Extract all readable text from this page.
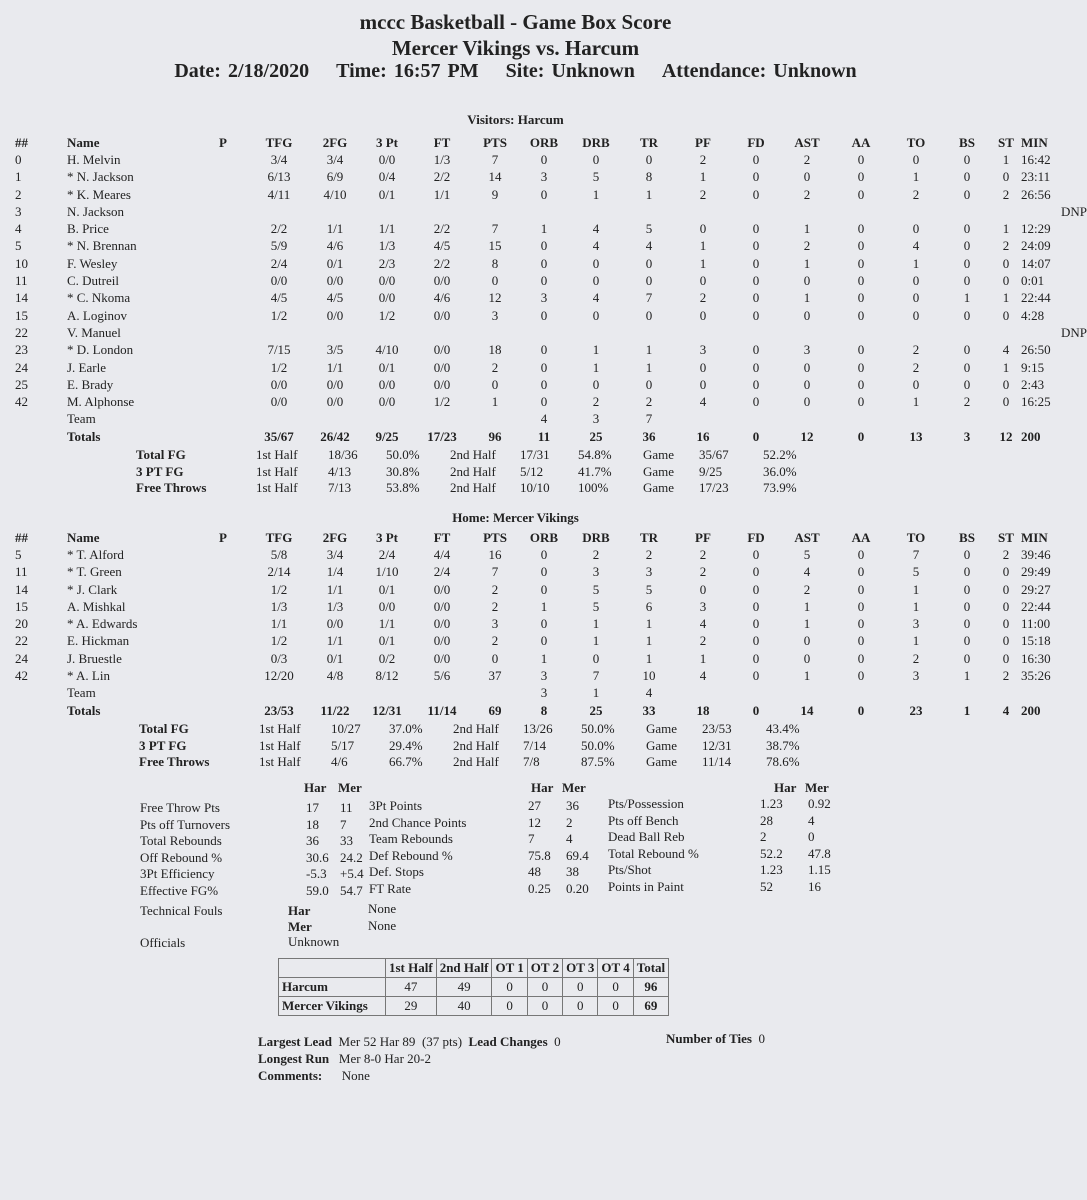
mccc Basketball - Game Box Score
Mercer Vikings vs. Harcum
Date: 2/18/2020 Time: 16:57 PM Site: Unknown Attendance: Unknown
Visitors: Harcum
##	Name	P	TFG	2FG	3 Pt	FT	PTS	ORB	DRB	TR	PF	FD	AST	AA	TO	BS	ST	MIN
0	H. Melvin		3/4	3/4	0/0	1/3	7	0	0	0	2	0	2	0	0	0	1	16:42
1	* N. Jackson		6/13	6/9	0/4	2/2	14	3	5	8	1	0	0	0	1	0	0	23:11
2	* K. Meares		4/11	4/10	0/1	1/1	9	0	1	1	2	0	2	0	2	0	2	26:56
3	N. Jackson																	DNP
4	B. Price		2/2	1/1	1/1	2/2	7	1	4	5	0	0	1	0	0	0	1	12:29
5	* N. Brennan		5/9	4/6	1/3	4/5	15	0	4	4	1	0	2	0	4	0	2	24:09
10	F. Wesley		2/4	0/1	2/3	2/2	8	0	0	0	1	0	1	0	1	0	0	14:07
11	C. Dutreil		0/0	0/0	0/0	0/0	0	0	0	0	0	0	0	0	0	0	0	0:01
14	* C. Nkoma		4/5	4/5	0/0	4/6	12	3	4	7	2	0	1	0	0	1	1	22:44
15	A. Loginov		1/2	0/0	1/2	0/0	3	0	0	0	0	0	0	0	0	0	0	4:28
22	V. Manuel																	DNP
23	* D. London		7/15	3/5	4/10	0/0	18	0	1	1	3	0	3	0	2	0	4	26:50
24	J. Earle		1/2	1/1	0/1	0/0	2	0	1	1	0	0	0	0	2	0	1	9:15
25	E. Brady		0/0	0/0	0/0	0/0	0	0	0	0	0	0	0	0	0	0	0	2:43
42	M. Alphonse		0/0	0/0	0/0	1/2	1	0	2	2	4	0	0	0	1	2	0	16:25
	Team							4	3	7								
	Totals		35/67	26/42	9/25	17/23	96	11	25	36	16	0	12	0	13	3	12	200
Total FG	1st Half	18/36	50.0%	2nd Half	17/31	54.8%	Game	35/67	52.2%
3 PT FG	1st Half	4/13	30.8%	2nd Half	5/12	41.7%	Game	9/25	36.0%
Free Throws	1st Half	7/13	53.8%	2nd Half	10/10	100%	Game	17/23	73.9%
Home: Mercer Vikings
##	Name	P	TFG	2FG	3 Pt	FT	PTS	ORB	DRB	TR	PF	FD	AST	AA	TO	BS	ST	MIN
5	* T. Alford		5/8	3/4	2/4	4/4	16	0	2	2	2	0	5	0	7	0	2	39:46
11	* T. Green		2/14	1/4	1/10	2/4	7	0	3	3	2	0	4	0	5	0	0	29:49
14	* J. Clark		1/2	1/1	0/1	0/0	2	0	5	5	0	0	2	0	1	0	0	29:27
15	A. Mishkal		1/3	1/3	0/0	0/0	2	1	5	6	3	0	1	0	1	0	0	22:44
20	* A. Edwards		1/1	0/0	1/1	0/0	3	0	1	1	4	0	1	0	3	0	0	11:00
22	E. Hickman		1/2	1/1	0/1	0/0	2	0	1	1	2	0	0	0	1	0	0	15:18
24	J. Bruestle		0/3	0/1	0/2	0/0	0	1	0	1	1	0	0	0	2	0	0	16:30
42	* A. Lin		12/20	4/8	8/12	5/6	37	3	7	10	4	0	1	0	3	1	2	35:26
	Team							3	1	4								
	Totals		23/53	11/22	12/31	11/14	69	8	25	33	18	0	14	0	23	1	4	200
Total FG	1st Half	10/27	37.0%	2nd Half	13/26	50.0%	Game	23/53	43.4%
3 PT FG	1st Half	5/17	29.4%	2nd Half	7/14	50.0%	Game	12/31	38.7%
Free Throws	1st Half	4/6	66.7%	2nd Half	7/8	87.5%	Game	11/14	78.6%
Har Mer	Har Mer	Har Mer
Free Throw Pts	17 11
Pts off Turnovers	18 7
Total Rebounds	36 33
Off Rebound %	30.6 24.2
3Pt Efficiency	-5.3 +5.4
Effective FG%	59.0 54.7
3Pt Points	27 36
2nd Chance Points	12 2
Team Rebounds	7 4
Def Rebound %	75.8 69.4
Def. Stops	48 38
FT Rate	0.25 0.20
Pts/Possession	1.23 0.92
Pts off Bench	28	4
Dead Ball Reb	2	0
Total Rebound %	52.2 47.8
Pts/Shot	1.23 1.15
Points in Paint	52	16
Technical Fouls	Har	None
Mer	None
Officials	Unknown
	1st Half	2nd Half	OT 1	OT 2	OT 3	OT 4	Total
Harcum	47	49	0	0	0	0	96
Mercer Vikings	29	40	0	0	0	0	69
Largest Lead Mer 52 Har 89 (37 pts) Lead Changes 0	Number of Ties 0
Longest Run Mer 8-0 Har 20-2
Comments: None
